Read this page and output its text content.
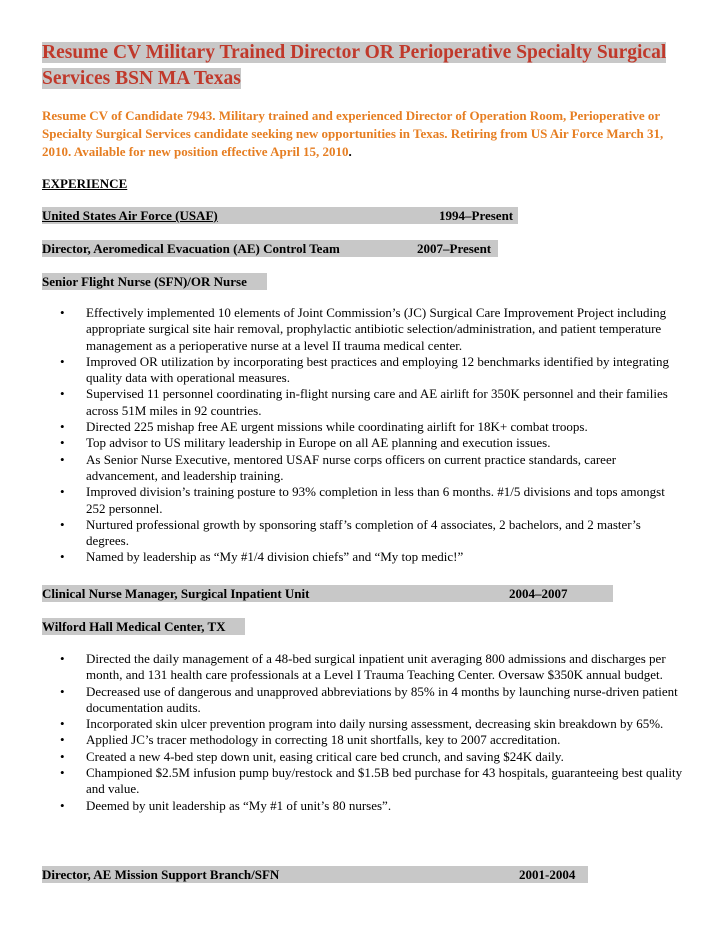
Resume CV Military Trained Director OR Perioperative Specialty Surgical Services BSN MA Texas
Resume CV of Candidate 7943. Military trained and experienced Director of Operation Room, Perioperative or Specialty Surgical Services candidate seeking new opportunities in Texas. Retiring from US Air Force March 31, 2010. Available for new position effective April 15, 2010.
EXPERIENCE
United States Air Force (USAF)	1994–Present
Director, Aeromedical Evacuation (AE) Control Team	2007–Present
Senior Flight Nurse (SFN)/OR Nurse
• Effectively implemented 10 elements of Joint Commission’s (JC) Surgical Care Improvement Project including appropriate surgical site hair removal, prophylactic antibiotic selection/administration, and patient temperature management as a perioperative nurse at a level II trauma medical center.
• Improved OR utilization by incorporating best practices and employing 12 benchmarks identified by integrating quality data with operational measures.
• Supervised 11 personnel coordinating in-flight nursing care and AE airlift for 350K personnel and their families across 51M miles in 92 countries.
• Directed 225 mishap free AE urgent missions while coordinating airlift for 18K+ combat troops.
• Top advisor to US military leadership in Europe on all AE planning and execution issues.
• As Senior Nurse Executive, mentored USAF nurse corps officers on current practice standards, career advancement, and leadership training.
• Improved division’s training posture to 93% completion in less than 6 months. #1/5 divisions and tops amongst 252 personnel.
• Nurtured professional growth by sponsoring staff’s completion of 4 associates, 2 bachelors, and 2 master’s degrees.
• Named by leadership as “My #1/4 division chiefs” and “My top medic!”
Clinical Nurse Manager, Surgical Inpatient Unit	2004–2007
Wilford Hall Medical Center, TX
• Directed the daily management of a 48-bed surgical inpatient unit averaging 800 admissions and discharges per month, and 131 health care professionals at a Level I Trauma Teaching Center. Oversaw $350K annual budget.
• Decreased use of dangerous and unapproved abbreviations by 85% in 4 months by launching nurse-driven patient documentation audits.
• Incorporated skin ulcer prevention program into daily nursing assessment, decreasing skin breakdown by 65%.
• Applied JC’s tracer methodology in correcting 18 unit shortfalls, key to 2007 accreditation.
• Created a new 4-bed step down unit, easing critical care bed crunch, and saving $24K daily.
• Championed $2.5M infusion pump buy/restock and $1.5B bed purchase for 43 hospitals, guaranteeing best quality and value.
• Deemed by unit leadership as “My #1 of unit’s 80 nurses”.
Director, AE Mission Support Branch/SFN	2001-2004
